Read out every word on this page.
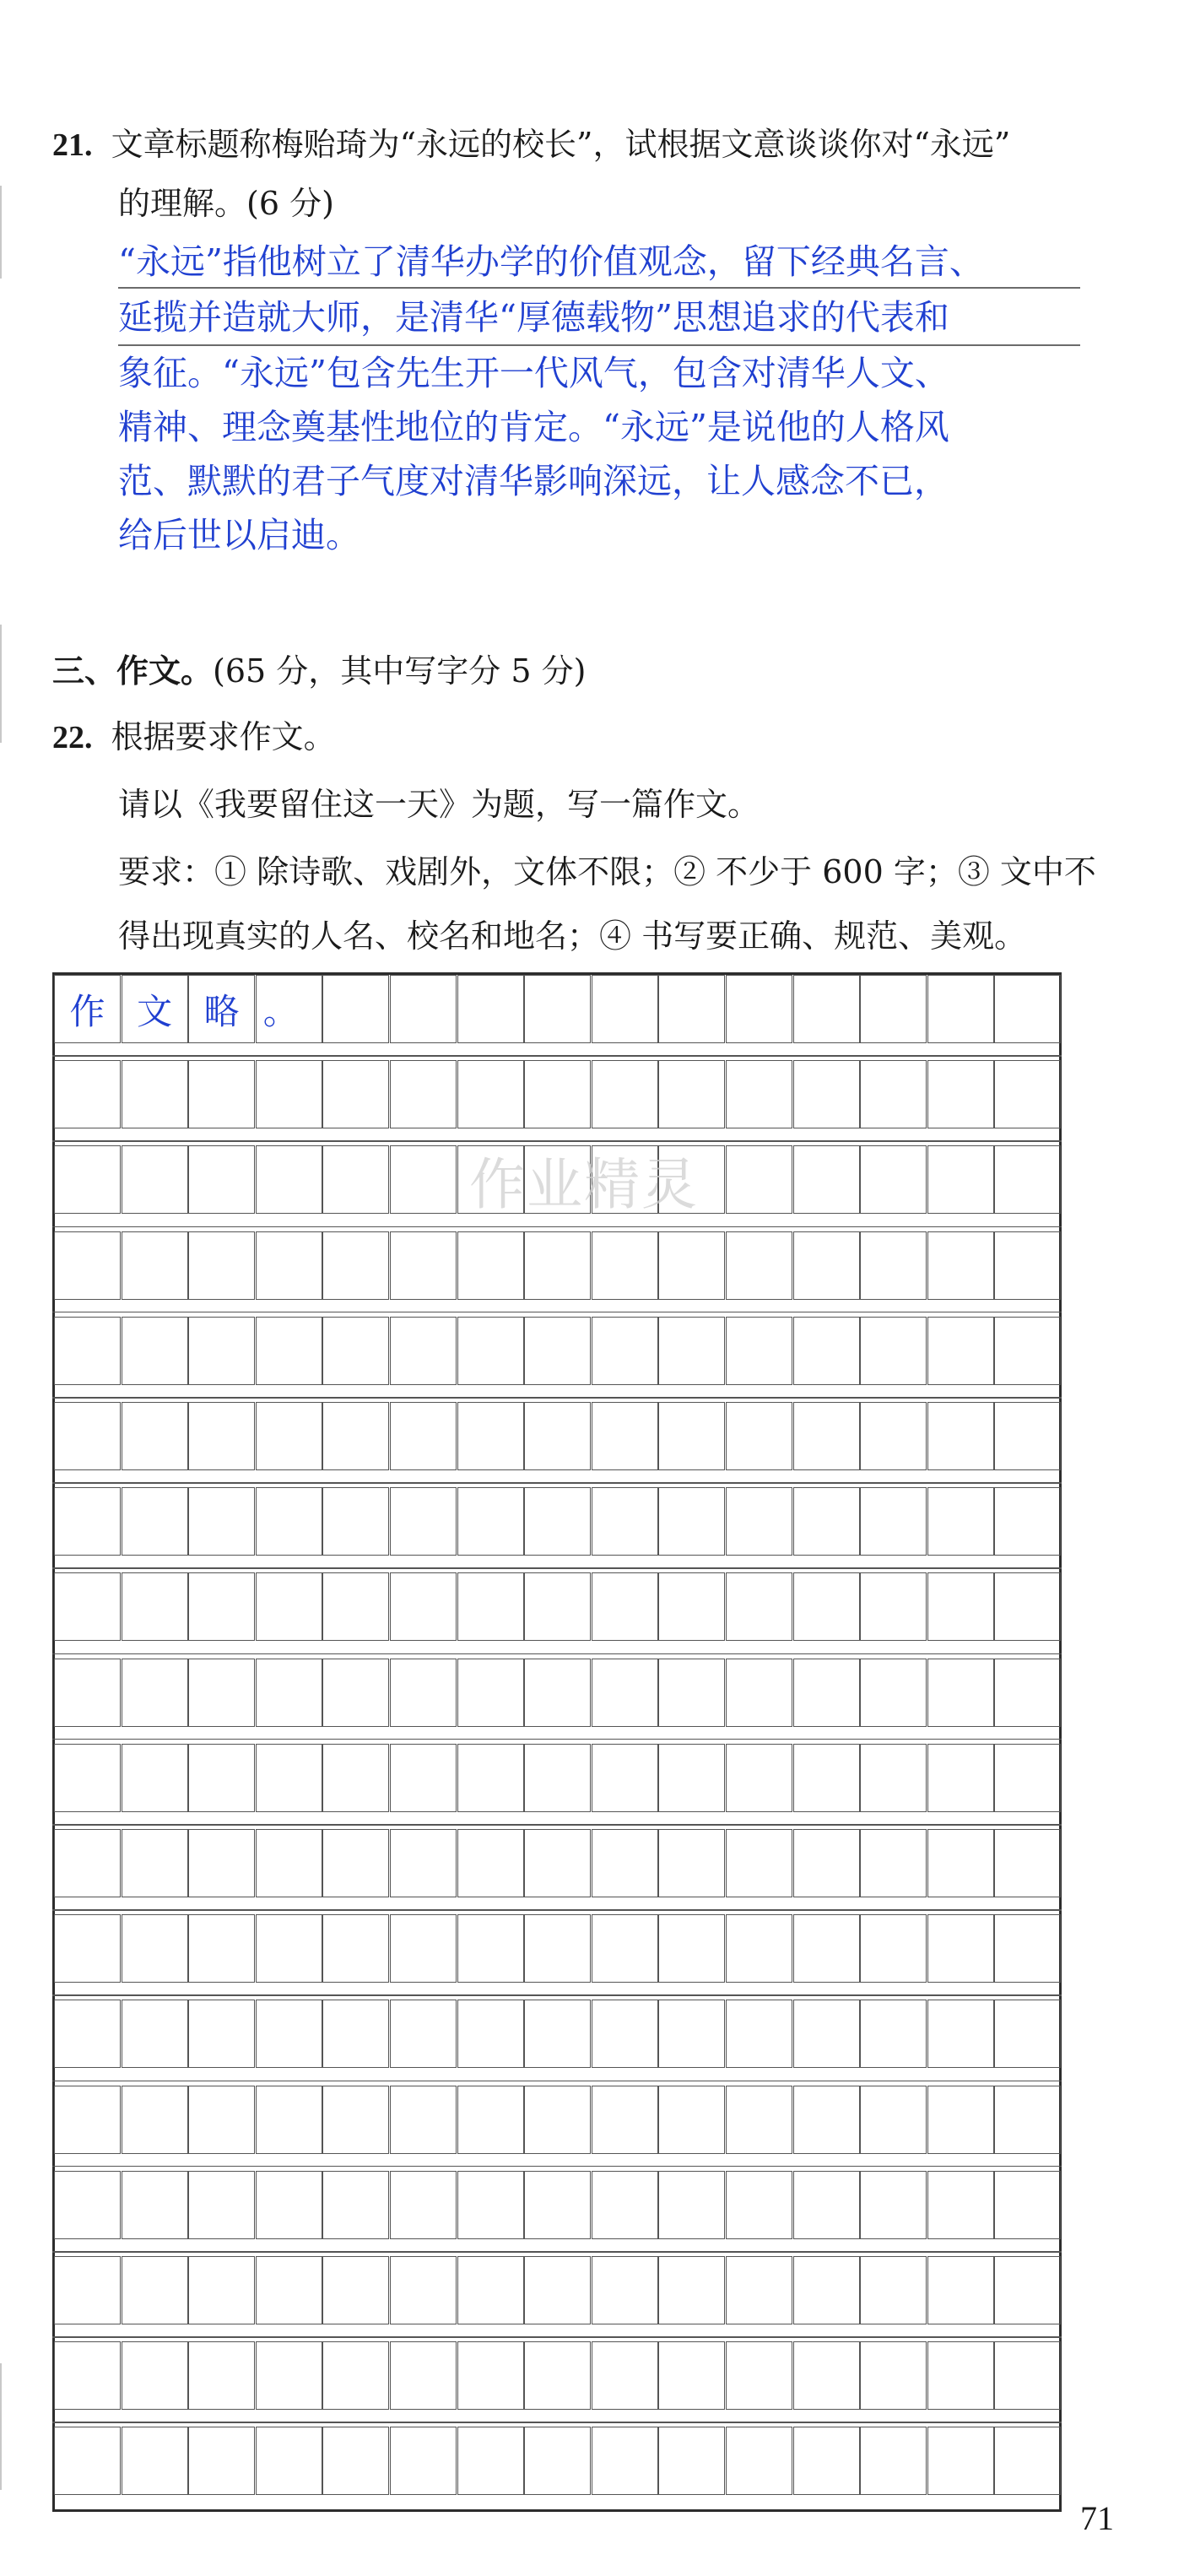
21. 文章标题称梅贻琦为“永远的校长”，试根据文意谈谈你对“永远”
的理解。(6 分)
“永远”指他树立了清华办学的价值观念，留下经典名言、
延揽并造就大师，是清华“厚德载物”思想追求的代表和
象征。“永远”包含先生开一代风气，包含对清华人文、
精神、理念奠基性地位的肯定。“永远”是说他的人格风
范、默默的君子气度对清华影响深远，让人感念不已，
给后世以启迪。
三、作文。(65 分，其中写字分 5 分)
22. 根据要求作文。
请以《我要留住这一天》为题，写一篇作文。
要求：① 除诗歌、戏剧外，文体不限；② 不少于 600 字；③ 文中不
得出现真实的人名、校名和地名；④ 书写要正确、规范、美观。
作 文 略 。
作业精灵
71
